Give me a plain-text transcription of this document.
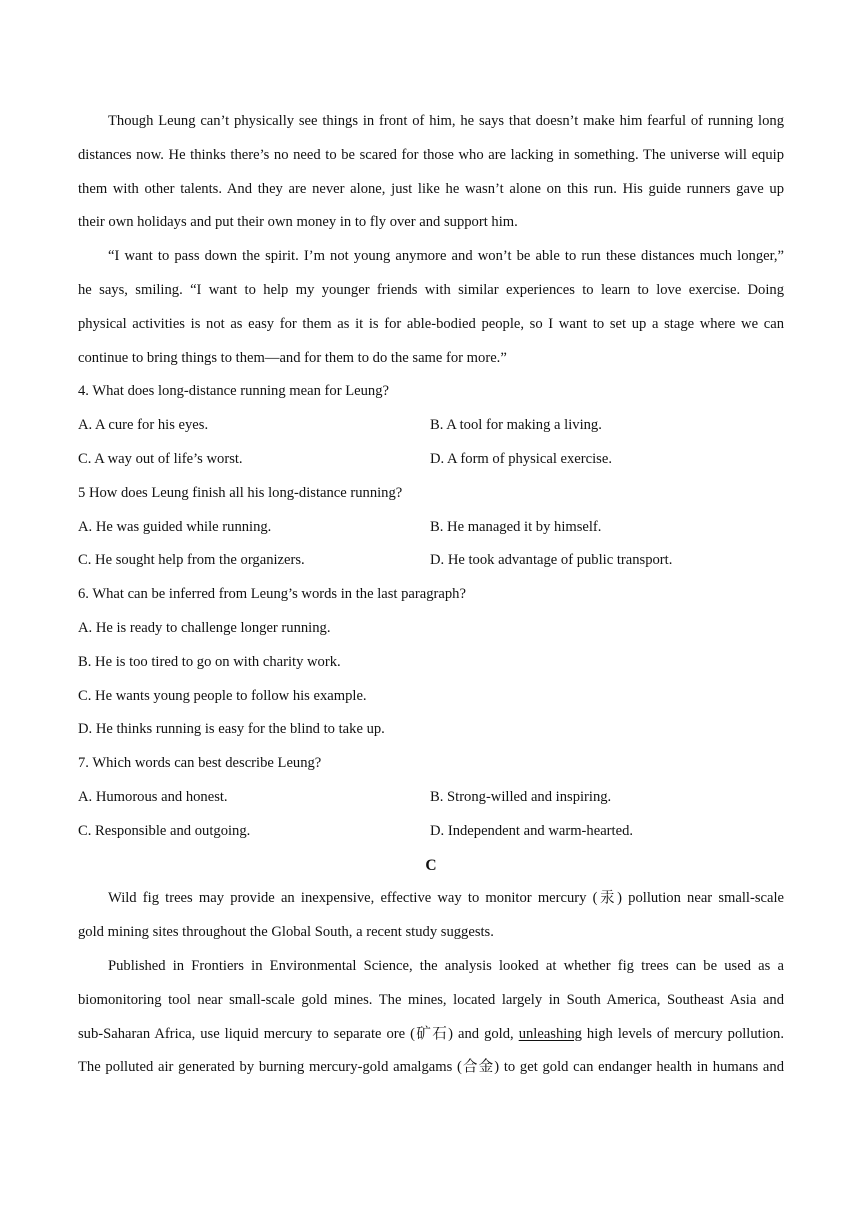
Though Leung can’t physically see things in front of him, he says that doesn’t make him fearful of running long
distances now. He thinks there’s no need to be scared for those who are lacking in something. The universe will equip
them with other talents. And they are never alone, just like he wasn’t alone on this run. His guide runners gave up
their own holidays and put their own money in to fly over and support him.
“I want to pass down the spirit. I’m not young anymore and won’t be able to run these distances much longer,”
he says, smiling. “I want to help my younger friends with similar experiences to learn to love exercise. Doing
physical activities is not as easy for them as it is for able-bodied people, so I want to set up a stage where we can
continue to bring things to them—and for them to do the same for more.”
4. What does long-distance running mean for Leung?
A. A cure for his eyes.	B. A tool for making a living.
C. A way out of life’s worst.	D. A form of physical exercise.
5 How does Leung finish all his long-distance running?
A. He was guided while running.	B. He managed it by himself.
C. He sought help from the organizers.	D. He took advantage of public transport.
6. What can be inferred from Leung’s words in the last paragraph?
A. He is ready to challenge longer running.
B. He is too tired to go on with charity work.
C. He wants young people to follow his example.
D. He thinks running is easy for the blind to take up.
7. Which words can best describe Leung?
A. Humorous and honest.	B. Strong-willed and inspiring.
C. Responsible and outgoing.	D. Independent and warm-hearted.
C
Wild fig trees may provide an inexpensive, effective way to monitor mercury (汞) pollution near small-scale
gold mining sites throughout the Global South, a recent study suggests.
Published in Frontiers in Environmental Science, the analysis looked at whether fig trees can be used as a
biomonitoring tool near small-scale gold mines. The mines, located largely in South America, Southeast Asia and
sub-Saharan Africa, use liquid mercury to separate ore (矿石) and gold, unleashing high levels of mercury pollution.
The polluted air generated by burning mercury-gold amalgams (合金) to get gold can endanger health in humans and
